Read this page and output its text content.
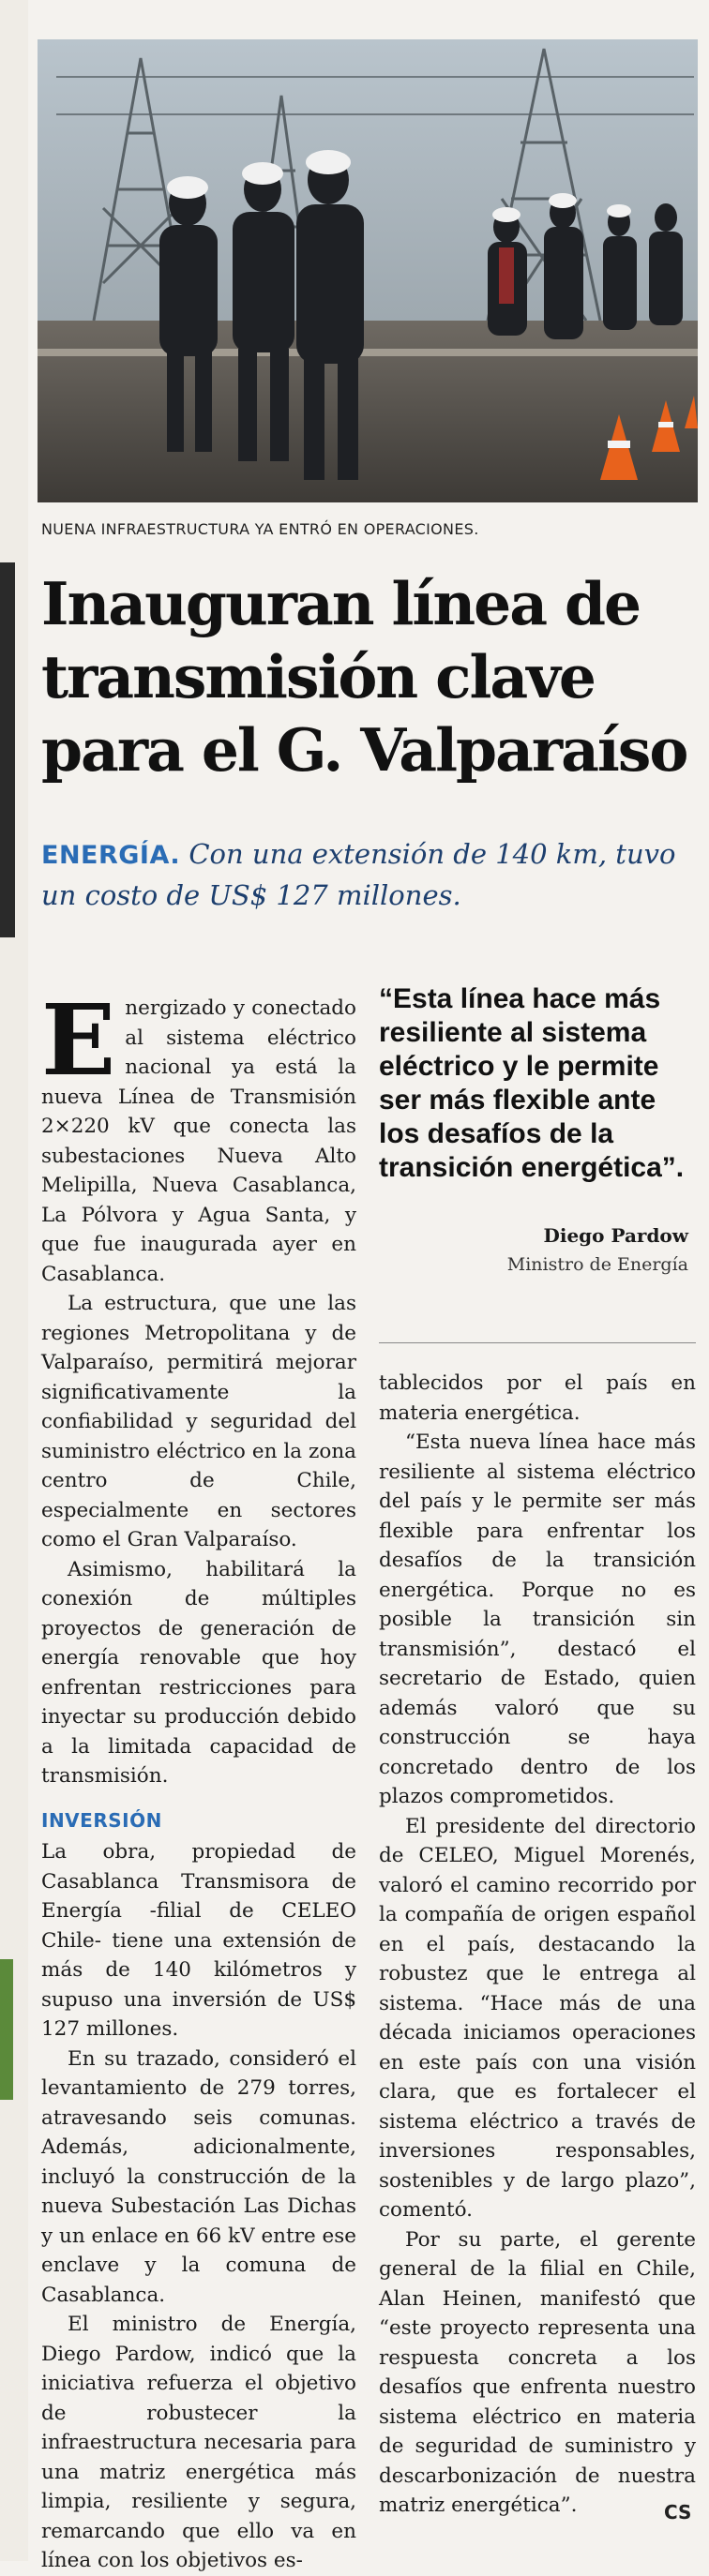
NUENA INFRAESTRUCTURA YA ENTRÓ EN OPERACIONES.
Inauguran línea de
transmisión clave
para el G. Valparaíso
ENERGÍA. Con una extensión de 140 km, tuvo un costo de US$ 127 millones.

Energizado y conectado al sistema eléctrico nacional ya está la nueva Línea de Transmisión 2×220 kV que conecta las subestaciones Nueva Alto Melipilla, Nueva Casablanca, La Pólvora y Agua Santa, y que fue inaugurada ayer en Casablanca.

La estructura, que une las regiones Metropolitana y de Valparaíso, permitirá mejorar significativamente la confiabilidad y seguridad del suministro eléctrico en la zona centro de Chile, especialmente en sectores como el Gran Valparaíso.

Asimismo, habilitará la conexión de múltiples proyectos de generación de energía renovable que hoy enfrentan restricciones para inyectar su producción debido a la limitada capacidad de transmisión.

INVERSIÓN

La obra, propiedad de Casablanca Transmisora de Energía -filial de CELEO Chile- tiene una extensión de más de 140 kilómetros y supuso una inversión de US$ 127 millones.

En su trazado, consideró el levantamiento de 279 torres, atravesando seis comunas. Además, adicionalmente, incluyó la construcción de la nueva Subestación Las Dichas y un enlace en 66 kV entre ese enclave y la comuna de Casablanca.

El ministro de Energía, Diego Pardow, indicó que la iniciativa refuerza el objetivo de robustecer la infraestructura necesaria para una matriz energética más limpia, resiliente y segura, remarcando que ello va en línea con los objetivos es-

“Esta línea hace más resiliente al sistema eléctrico y le permite ser más flexible ante los desafíos de la transición energética”.
Diego Pardow
Ministro de Energía

tablecidos por el país en materia energética.

“Esta nueva línea hace más resiliente al sistema eléctrico del país y le permite ser más flexible para enfrentar los desafíos de la transición energética. Porque no es posible la transición sin transmisión”, destacó el secretario de Estado, quien además valoró que su construcción se haya concretado dentro de los plazos comprometidos.

El presidente del directorio de CELEO, Miguel Morenés, valoró el camino recorrido por la compañía de origen español en el país, destacando la robustez que le entrega al sistema. “Hace más de una década iniciamos operaciones en este país con una visión clara, que es fortalecer el sistema eléctrico a través de inversiones responsables, sostenibles y de largo plazo”, comentó.

Por su parte, el gerente general de la filial en Chile, Alan Heinen, manifestó que “este proyecto representa una respuesta concreta a los desafíos que enfrenta nuestro sistema eléctrico en materia de seguridad de suministro y descarbonización de nuestra matriz energética”.	CS
